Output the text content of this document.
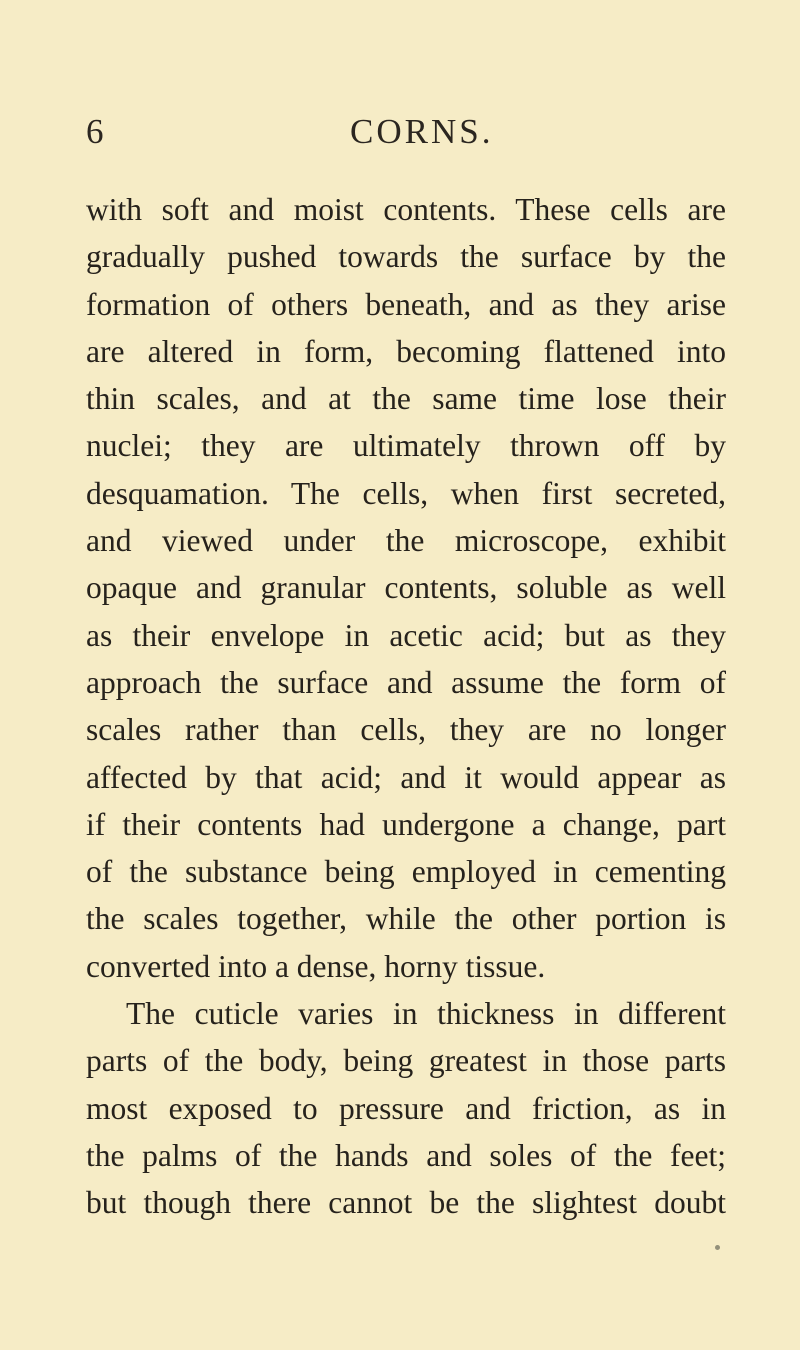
6	CORNS.
with soft and moist contents. These cells are
gradually pushed towards the surface by the
formation of others beneath, and as they arise
are altered in form, becoming flattened into
thin scales, and at the same time lose their
nuclei; they are ultimately thrown off by
desquamation. The cells, when first secreted,
and viewed under the microscope, exhibit
opaque and granular contents, soluble as well
as their envelope in acetic acid; but as they
approach the surface and assume the form of
scales rather than cells, they are no longer
affected by that acid; and it would appear as
if their contents had undergone a change, part
of the substance being employed in cementing
the scales together, while the other portion is
converted into a dense, horny tissue.
The cuticle varies in thickness in different
parts of the body, being greatest in those parts
most exposed to pressure and friction, as in
the palms of the hands and soles of the feet;
but though there cannot be the slightest doubt
